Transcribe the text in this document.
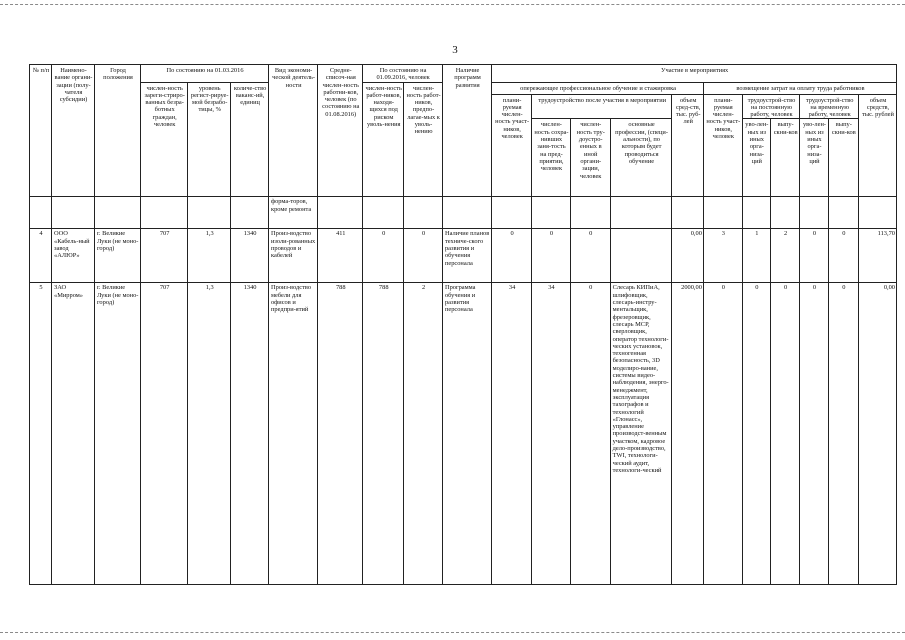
3
№ п/п	Наимено-вание органи-зации (полу-чателя субсидии)	Город положения	По состоянию на 01.03.2016			Вид экономи-ческой деятель-ности	Средне-списоч-ная числен-ность работни-ков, человек (по состоянию на 01.08.2016)	По состоянию на 01.09.2016, человек		Наличие программ развития	Участие в мероприятиях										
			числен-ность зареги-стриро-ванных безра-ботных граждан, человек	уровень регист-рируе-мой безрабо-тицы, %	количе-ство ваканс-ий, единиц			числен-ность работ-ников, находя-щихся под риском уволь-нения	числен-ность работ-ников, предпо-лагае-мых к уволь-нению		опережающее профессиональное обучение и стажировка					возмещение затрат на оплату труда работников					
											плани-руемая числен-ность участ-ников, человек	трудоустройство после участия в мероприятии			объем сред-ств, тыс. руб-лей	плани-руемая числен-ность участ-ников, человек	трудоустрой-ство на постоянную работу, человек		трудоустрой-ство на временную работу, человек		объем средств, тыс. рублей
												числен-ность сохра-нивших заня-тость на пред-приятии, человек	числен-ность тру-доустро-енных в иной органи-зации, человек	основные профессии, (специ-альности), по которым будет проводиться обучение			уво-лен-ных из иных орга-низа-ций	выпу-скни-ков	уво-лен-ных из иных орга-низа-ций	выпу-скни-ков	
						форма-торов, кроме ремонта															
4	ООО «Кабель-ный завод «АЛЮР»	г. Великие Луки (не моно-город)	707	1,3	1340	Произ-водство изоли-рованных проводов и кабелей	411	0	0	Наличие планов техниче-ского развития и обучения персонала	0	0	0		0,00	3	1	2	0	0	113,70
5	ЗАО «Мирром»	г. Великие Луки (не моно-город)	707	1,3	1340	Произ-водство мебели для офисов и предпри-ятий	788	788	2	Программа обучения и развития персонала	34	34	0	Слесарь КИПиА, шлифовщик, слесарь-инстру-ментальщик, фрезеровщик, слесарь МСР, сверловщик, оператор технологи-ческих установок, техногенная безопасность, 3D моделиро-вание, системы видео-наблюдения, энерго-менеджмент, эксплуатация тахографов и технологий «Глонасс», управление производст-венным участком, кадровое дело-производство, TWI, технологи-ческий аудит, технологи-ческий	2000,00	0	0	0	0	0	0,00
